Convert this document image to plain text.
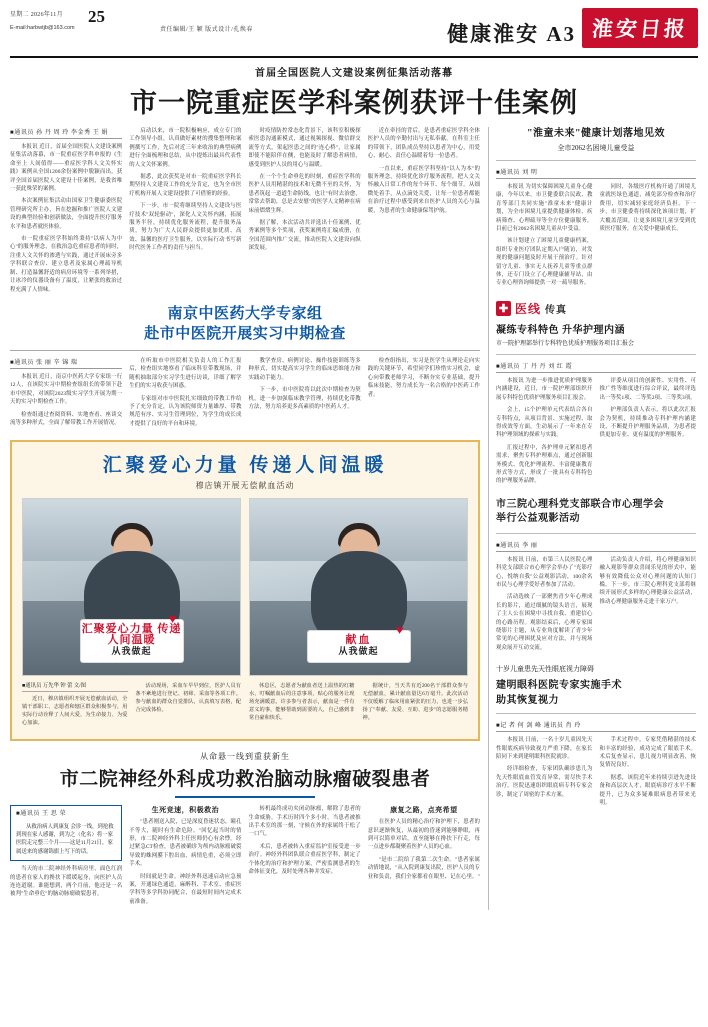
星期二 2026年11月
E-mail:harbwtjb@163.com
25
责任编辑/王 颖 版式设计/孔焕春	健康淮安 A3 淮安日报
首届全国医院人文建设案例征集活动落幕
市一院重症医学科案例获评十佳案例
■通讯员 孙 丹 周 玲 李金秀 王 娟

本报讯 近日，首届全国医院人文建设案例征集活动落幕，市一院重症医学科申报的《生命至上 人间值得——重症医学科人文关怀实践》案例从全国1200余份案例中脱颖而出，获评全国首届医院人文建设十佳案例，是我省唯一获此殊荣的案例。

本次案例征集活动由国家卫生健康委医院管理研究所主办，旨在挖掘和推广医院人文建设的典型经验和创新做法，全面提升医疗服务水平和患者就医体验。

市一院重症医学科始终秉持"以病人为中心"的服务理念，在救治急危重症患者的同时，注重人文关怀的渗透与实践，通过开展床旁多学科联合查房、建立患者及家属心理疏导机制、打造温馨舒适的病房环境等一系列举措，让冰冷的仪器设备有了温度，让紧张的救治过程充满了人情味。

启动以来，市一院积极响应，成立专门的工作领导小组，认真做好素材的搜集整理和案例撰写工作，先后对近三年来收治的典型病例进行全面梳理和总结，从中提炼出最具代表性的人文关怀案例。

据悉，此次获奖是对市一院重症医学科长期坚持人文建设工作的充分肯定，也为全市医疗机构开展人文建设提供了可借鉴的经验。

下一步，市一院将继续坚持人文建设与医疗技术"双轮驱动"，深化人文关怀内涵，拓展服务半径，持续优化服务流程，提升服务品质，努力为广大人民群众提供更加优质、高效、温馨的医疗卫生服务，以实际行动书写新时代医务工作者的责任与担当。

时疫情防控常态化背景下，该科室积极探索医患沟通新模式，通过视频探视、微信群交流等方式，架起医患之间的"连心桥"，让家属即使不能陪伴在侧，也能及时了解患者病情，感受到医护人员的用心与温暖。

在一个个生命垂危的时刻，重症医学科的医护人员用精湛的技术和无微不至的关怀，为患者筑起一道道生命防线，也让"有时去治愈，常常去帮助，总是去安慰"的医学人文精神在病床前熠熠生辉。

据了解，本次活动共评选出十佳案例、优秀案例等多个奖项，获奖案例将汇编成册，在全国范围内推广交流，推动医院人文建设向纵深发展。

近在牵挂的背后，是患者重症医学科全体医护人员的辛勤付出与无私奉献。在科室主任的带领下，团队成员坚持以患者为中心，用爱心、耐心、责任心温暖着每一位患者。

一直以来，重症医学科坚持"以人为本"的服务理念，持续优化诊疗服务流程，把人文关怀融入日常工作的每个环节、每个细节。从细微处着手，从点滴处关爱，让每一位患者都能在治疗过程中感受到来自医护人员的关心与温暖，为患者的生命健康保驾护航。

南京中医药大学专家组
赴市中医院开展实习中期检查
■通讯员 张 丽 辛 锦 瑞

本报讯 近日，南京中医药大学专家组一行12人，在该院实习中期检查组组长的带领下赴市中医院，对该院2023级实习学生开展为期一天的实习中期检查工作。

检查组通过查阅资料、实地查看、座谈交流等多种形式，全面了解带教工作开展情况。

在听取市中医院相关负责人的工作汇报后，检查组实地察看了临床科室带教现场，并随机抽取部分实习学生进行访谈，详细了解学生们的实习收获与困惑。

专家组对市中医院扎实细致的带教工作给予了充分肯定，认为该院师资力量雄厚、带教规范有序、实习生管理到位，为学生的成长成才提供了良好的平台和环境。

教学查房、病例讨论、操作技能训练等多种形式，切实提高实习学生的临床思维能力和实践动手能力。

下一步，市中医院将以此次中期检查为契机，进一步加强临床教学管理，持续优化带教方法，努力培养更多高素质的中医药人才。

检查组指出，实习是医学生从理论走向实践的关键环节，希望同学们珍惜实习机会，虚心向带教老师学习，不断夯实专业基础，提升临床技能，努力成长为一名合格的中医药工作者。

汇聚爱心力量 传递人间温暖
穆店镇开展无偿献血活动
♥
汇聚爱心力量 传递人间温暖
从我做起
♥
献血
从我做起
■通讯员 万先华 钟 蕾 文/图

近日，穆店镇组织开展无偿献血活动，全镇干部职工、志愿者和辖区群众积极参与，用实际行动诠释了人间大爱，为生命接力、为爱心加油。

活动现场，采血车早早到位，医护人员有条不紊地进行登记、初筛、采血等各项工作。参与献血的群众自觉排队，认真填写表格，配合完成体检。

休息区，志愿者为献血者送上温热的红糖水，叮嘱献血后的注意事项，贴心的服务让现场充满暖意。许多参与者表示，献血是一件有意义的事，能够帮助到需要的人，自己感到非常自豪和快乐。

据统计，当天共有近200名干部群众参与无偿献血，累计献血量达6万毫升。此次活动不仅缓解了临床用血紧张的压力，也进一步弘扬了"奉献、友爱、互助、进步"的志愿服务精神。

从命悬一线到重获新生
市二院神经外科成功救治脑动脉瘤破裂患者
■通讯员 王 思 荣

从救治病人到康复 会诊一线，到抢救到现在家人感谢，到为之（化名）将一家医院走完整三个月——这是11月21日，家属送来的感谢锦旗上写下的话。

当天的市二院神经外科病房里，面色红润的患者在家人的搀扶下缓缓起身，向医护人员连连道谢。谁能想到，两个月前，他还是一名被判"生命垂危"的脑动脉瘤破裂患者。

生死竞速，积极救治

"患者刚送入院，已是深度昏迷状态，瞳孔不等大，随时有生命危险。"回忆起当时的情形，市二院神经外科主任医师仍心有余悸。经过紧急CT检查，患者被确诊为颅内动脉瘤破裂导致的蛛网膜下腔出血，病情危重，必须立即手术。

时间就是生命。神经外科迅速启动应急预案，开通绿色通道，麻醉科、手术室、重症医学科等多学科协同配合，在最短时间内完成术前准备。

转机最终成功夹闭动脉瘤，解除了患者的生命威胁。手术历时四个多小时，当患者被推出手术室的那一刻，守候在外的家属终于松了一口气。

术后，患者被转入重症监护室接受进一步治疗。神经外科团队联合重症医学科，制定了个体化的治疗和护理方案，严密监测患者的生命体征变化，及时处理各种并发症。

康复之路，点亮希望

在医护人员的精心治疗和护理下，患者的意识逐渐恢复，从最初的昏迷到能够睁眼，再到可以简单对话，直至能够在搀扶下行走，每一点进步都凝聚着医护人员的心血。

"是市二院给了我第二次生命。"患者家属动情地说，"从入院到康复出院，医护人员的专业和负责，我们全家都看在眼里、记在心里。"

"淮童未来"健康计划落地见效
全市2062名困境儿童受益
■通讯员 刘 明

本报讯 为切实保障困境儿童身心健康，今年以来，市卫健委联合民政、教育等部门共同实施"淮童未来"健康计划，为全市困境儿童提供健康体检、疾病筛查、心理疏导等全方位健康服务，目前已有2062名困境儿童从中受益。

该计划建立了困境儿童健康档案，组织专业医疗团队定期入户随访，对发现的健康问题及时开展干预治疗。针对留守儿童、事实无人抚养儿童等重点群体，还专门设立了心理健康辅导站，由专业心理咨询师提供一对一疏导服务。

同时，各级医疗机构开通了困境儿童就医绿色通道，减免部分检查和治疗费用，切实减轻家庭经济负担。下一步，市卫健委将持续深化该项计划，扩大覆盖范围，让更多困境儿童享受到优质医疗服务，在关爱中健康成长。

✚ 医线 传真
凝练专科特色 升华护理内涵
市一院护理部举行专科特色优质护理服务项目汇报会
■通讯员 丁 丹 丹 刘 红 霞

本报讯 为进一步推进优质护理服务内涵建设，近日，市一院护理部组织开展专科特色优质护理服务项目汇报会。

会上，15个护理单元代表结合各自专科特点，从项目背景、实施过程、取得成效等方面，生动展示了一年来在专科护理领域的探索与实践。

汇报过程中，各护理单元紧扣患者需求，聚焦专科护理难点，通过创新服务模式、优化护理流程、丰富健康教育形式等方式，形成了一批具有专科特色的护理服务品牌。

评委从项目的创新性、实用性、可推广性等维度进行综合评议，最终评选出一等奖1项、二等奖2项、三等奖3项。

护理部负责人表示，将以此次汇报会为契机，持续推动专科护理内涵建设，不断提升护理服务品质，为患者提供更加专业、更有温度的护理服务。

市三院心理科党支部联合市心理学会
举行公益观影活动
■通讯员 李 丽

本报讯 日前，市第三人民医院心理科党支部联合市心理学会举办了"光影疗心，悦纳自我"公益观影活动，100余名市民与心理学爱好者参加了活动。

活动选映了一部聚焦青少年心理成长的影片，通过细腻的镜头语言，展现了主人公在困境中寻找自我、重建信心的心路历程。观影结束后，心理专家围绕影片主题，从专业角度解读了青少年常见的心理困扰及应对方法，并与现场观众展开互动交流。

活动负责人介绍，将心理健康知识融入观影等群众喜闻乐见的形式中，能够有效降低公众对心理问题的认知门槛。下一步，市三院心理科党支部将继续开展形式多样的心理健康公益活动，推动心理健康服务走进千家万户。

十岁儿童患先天性眼底视力障碍
建明眼科医院专家实施手术
助其恢复视力
■记 者 何 剑 峰 通讯员 肖 玲

本报讯 日前，一名十岁儿童因先天性眼底疾病导致视力严重下降，在家长陪同下来到建明眼科医院就诊。

经详细检查，专家团队确诊患儿为先天性眼底血管发育异常，需尽快手术治疗。医院迅速组织眼底病专科专家会诊，制定了周密的手术方案。

手术过程中，专家凭借精湛的技术和丰富的经验，成功完成了眼底手术。术后复查显示，患儿视力明显改善，恢复情况良好。

据悉，该院近年来持续引进先进设备和高层次人才，眼底病诊疗水平不断提升，已为众多疑难眼病患者带来光明。
